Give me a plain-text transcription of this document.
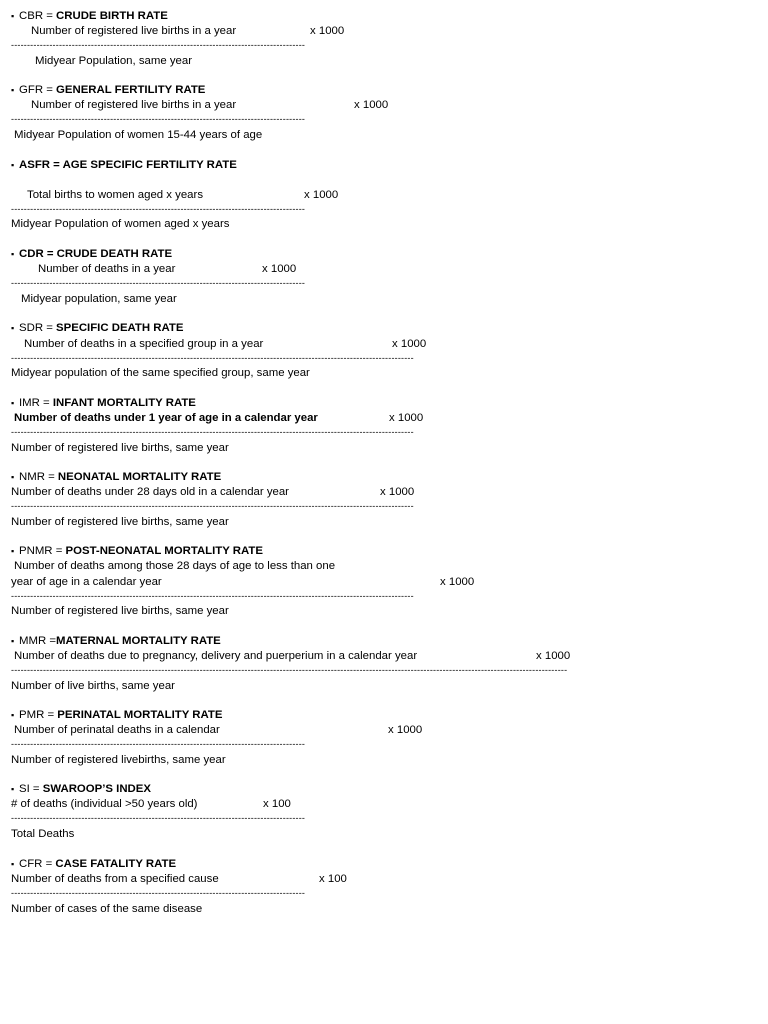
▪ CBR = CRUDE BIRTH RATE
Number of registered live births in a year	x 1000
--------------------------------------------------------------------------------------------
Midyear Population, same year
▪ GFR = GENERAL FERTILITY RATE
Number of registered live births in a year	x 1000
--------------------------------------------------------------------------------------------
Midyear Population of women 15-44 years of age
▪ ASFR = AGE SPECIFIC FERTILITY RATE
Total births to women aged x years	x 1000
--------------------------------------------------------------------------------------------
Midyear Population of women aged x years
▪ CDR = CRUDE DEATH RATE
Number of deaths in a year	x 1000
--------------------------------------------------------------------------------------------
Midyear population, same year
▪ SDR = SPECIFIC DEATH RATE
Number of deaths in a specified group in a year	x 1000
------------------------------------------------------------------------------------------------------------------------------
Midyear population of the same specified group, same year
▪ IMR = INFANT MORTALITY RATE
Number of deaths under 1 year of age in a calendar year	x 1000
------------------------------------------------------------------------------------------------------------------------------
Number of registered live births, same year
▪ NMR = NEONATAL MORTALITY RATE
Number of deaths under 28 days old in a calendar year	x 1000
------------------------------------------------------------------------------------------------------------------------------
Number of registered live births, same year
▪ PNMR = POST-NEONATAL MORTALITY RATE
Number of deaths among those 28 days of age to less than one
year of age in a calendar year	x 1000
------------------------------------------------------------------------------------------------------------------------------
Number of registered live births, same year
▪ MMR =MATERNAL MORTALITY RATE
Number of deaths due to pregnancy, delivery and puerperium in a calendar year	x 1000
------------------------------------------------------------------------------------------------------------------------------------------------------------------------------
Number of live births, same year
▪ PMR = PERINATAL MORTALITY RATE
Number of perinatal deaths in a calendar	x 1000
--------------------------------------------------------------------------------------------
Number of registered livebirths, same year
▪ SI = SWAROOP’S INDEX
# of deaths (individual >50 years old)	x 100
--------------------------------------------------------------------------------------------
Total Deaths
▪ CFR = CASE FATALITY RATE
Number of deaths from a specified cause	x 100
--------------------------------------------------------------------------------------------
Number of cases of the same disease
